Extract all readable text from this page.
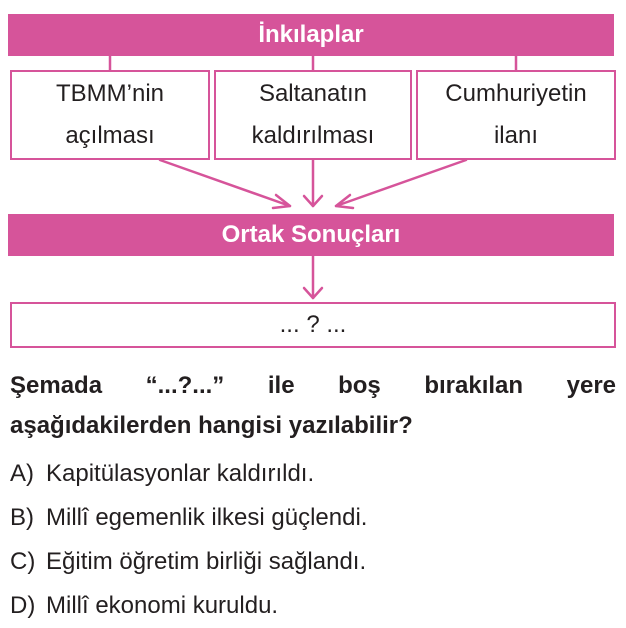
İnkılaplar
TBMM’nin
açılması
Saltanatın
kaldırılması
Cumhuriyetin
ilanı
Ortak Sonuçları
... ? ...
Şemada “...?...” ile boş bırakılan yere aşağıdakilerden hangisi yazılabilir?
A) Kapitülasyonlar kaldırıldı.
B) Millî egemenlik ilkesi güçlendi.
C) Eğitim öğretim birliği sağlandı.
D) Millî ekonomi kuruldu.
